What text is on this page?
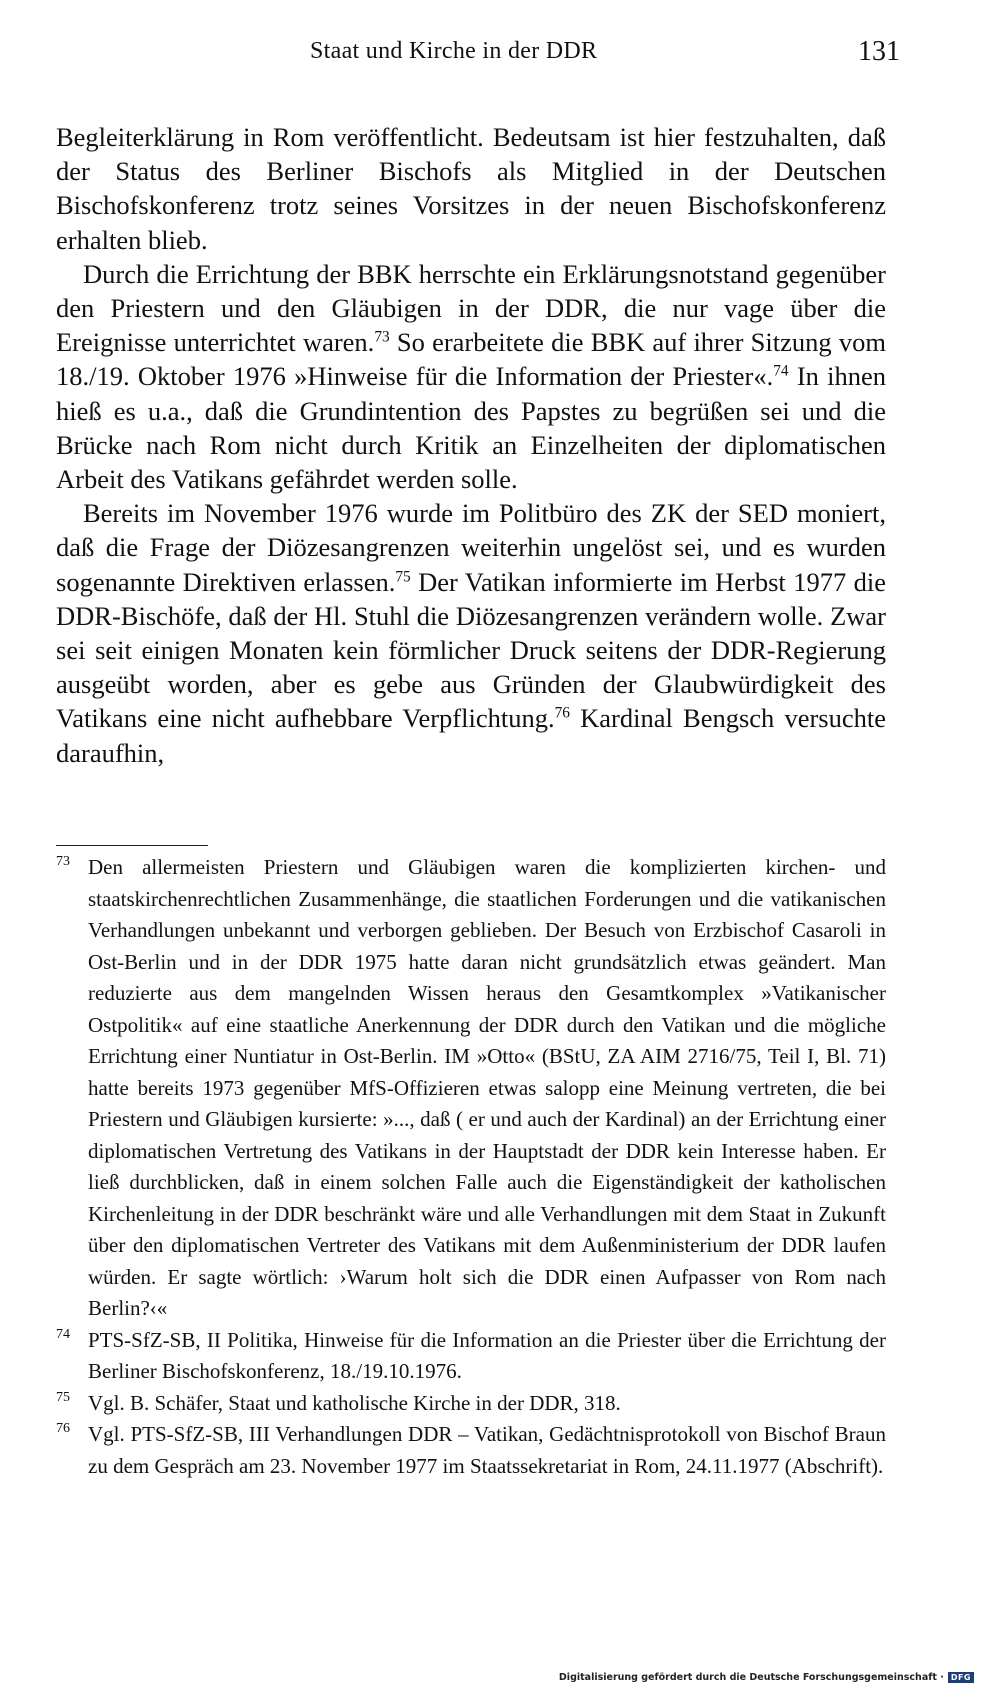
Staat und Kirche in der DDR	131

Begleiterklärung in Rom veröffentlicht. Bedeutsam ist hier festzuhalten, daß der Status des Berliner Bischofs als Mitglied in der Deutschen Bischofskonferenz trotz seines Vorsitzes in der neuen Bischofskonferenz erhalten blieb.

Durch die Errichtung der BBK herrschte ein Erklärungsnotstand gegenüber den Priestern und den Gläubigen in der DDR, die nur vage über die Ereignisse unterrichtet waren.$^{73}$ So erarbeitete die BBK auf ihrer Sitzung vom 18./19. Oktober 1976 »Hinweise für die Information der Priester«.$^{74}$ In ihnen hieß es u.a., daß die Grundintention des Papstes zu begrüßen sei und die Brücke nach Rom nicht durch Kritik an Einzelheiten der diplomatischen Arbeit des Vatikans gefährdet werden solle.

Bereits im November 1976 wurde im Politbüro des ZK der SED moniert, daß die Frage der Diözesangrenzen weiterhin ungelöst sei, und es wurden sogenannte Direktiven erlassen.$^{75}$ Der Vatikan informierte im Herbst 1977 die DDR-Bischöfe, daß der Hl. Stuhl die Diözesangrenzen verändern wolle. Zwar sei seit einigen Monaten kein förmlicher Druck seitens der DDR-Regierung ausgeübt worden, aber es gebe aus Gründen der Glaubwürdigkeit des Vatikans eine nicht aufhebbare Verpflichtung.$^{76}$ Kardinal Bengsch versuchte daraufhin,

73 Den allermeisten Priestern und Gläubigen waren die komplizierten kirchen- und staatskirchenrechtlichen Zusammenhänge, die staatlichen Forderungen und die vatikanischen Verhandlungen unbekannt und verborgen geblieben. Der Besuch von Erzbischof Casaroli in Ost-Berlin und in der DDR 1975 hatte daran nicht grundsätzlich etwas geändert. Man reduzierte aus dem mangelnden Wissen heraus den Gesamtkomplex »Vatikanischer Ostpolitik« auf eine staatliche Anerkennung der DDR durch den Vatikan und die mögliche Errichtung einer Nuntiatur in Ost-Berlin. IM »Otto« (BStU, ZA AIM 2716/75, Teil I, Bl. 71) hatte bereits 1973 gegenüber MfS-Offizieren etwas salopp eine Meinung vertreten, die bei Priestern und Gläubigen kursierte: »..., daß ( er und auch der Kardinal) an der Errichtung einer diplomatischen Vertretung des Vatikans in der Hauptstadt der DDR kein Interesse haben. Er ließ durchblicken, daß in einem solchen Falle auch die Eigenständigkeit der katholischen Kirchenleitung in der DDR beschränkt wäre und alle Verhandlungen mit dem Staat in Zukunft über den diplomatischen Vertreter des Vatikans mit dem Außenministerium der DDR laufen würden. Er sagte wörtlich: ›Warum holt sich die DDR einen Aufpasser von Rom nach Berlin?‹«

74 PTS-SfZ-SB, II Politika, Hinweise für die Information an die Priester über die Errichtung der Berliner Bischofskonferenz, 18./19.10.1976.

75 Vgl. B. Schäfer, Staat und katholische Kirche in der DDR, 318.

76 Vgl. PTS-SfZ-SB, III Verhandlungen DDR – Vatikan, Gedächtnisprotokoll von Bischof Braun zu dem Gespräch am 23. November 1977 im Staatssekretariat in Rom, 24.11.1977 (Abschrift).

Digitalisierung gefördert durch die Deutsche Forschungsgemeinschaft · DFG
